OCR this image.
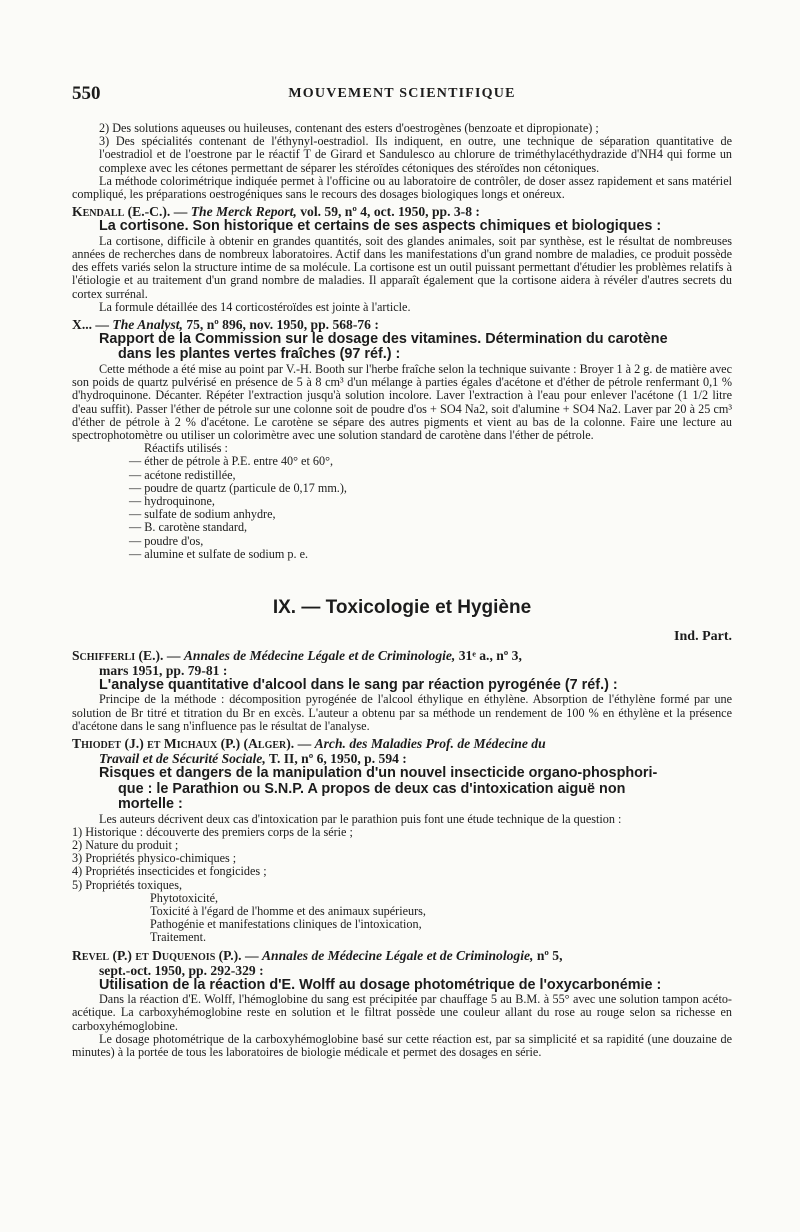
550	MOUVEMENT SCIENTIFIQUE

2) Des solutions aqueuses ou huileuses, contenant des esters d'oestrogènes (benzoate et dipropionate) ;

3) Des spécialités contenant de l'éthynyl-oestradiol. Ils indiquent, en outre, une technique de séparation quantitative de l'oestradiol et de l'oestrone par le réactif T de Girard et Sandulesco au chlorure de triméthylacéthydrazide d'NH4 qui forme un complexe avec les cétones permettant de séparer les stéroïdes cétoniques des stéroïdes non cétoniques.

La méthode colorimétrique indiquée permet à l'officine ou au laboratoire de contrôler, de doser assez rapidement et sans matériel compliqué, les préparations oestrogéniques sans le recours des dosages biologiques longs et onéreux.

Kendall (E.-C.). — The Merck Report, vol. 59, nº 4, oct. 1950, pp. 3-8 :

La cortisone. Son historique et certains de ses aspects chimiques et biologiques :

La cortisone, difficile à obtenir en grandes quantités, soit des glandes animales, soit par synthèse, est le résultat de nombreuses années de recherches dans de nombreux laboratoires. Actif dans les manifestations d'un grand nombre de maladies, ce produit possède des effets variés selon la structure intime de sa molécule. La cortisone est un outil puissant permettant d'étudier les problèmes relatifs à l'étiologie et au traitement d'un grand nombre de maladies. Il apparaît également que la cortisone aidera à révéler d'autres secrets du cortex surrénal.

La formule détaillée des 14 corticostéroïdes est jointe à l'article.

X... — The Analyst, 75, nº 896, nov. 1950, pp. 568-76 :

Rapport de la Commission sur le dosage des vitamines. Détermination du carotène

dans les plantes vertes fraîches (97 réf.) :

Cette méthode a été mise au point par V.-H. Booth sur l'herbe fraîche selon la technique suivante : Broyer 1 à 2 g. de matière avec son poids de quartz pulvérisé en présence de 5 à 8 cm³ d'un mélange à parties égales d'acétone et d'éther de pétrole renfermant 0,1 % d'hydroquinone. Décanter. Répéter l'extraction jusqu'à solution incolore. Laver l'extraction à l'eau pour enlever l'acétone (1 1/2 litre d'eau suffit). Passer l'éther de pétrole sur une colonne soit de poudre d'os + SO4 Na2, soit d'alumine + SO4 Na2. Laver par 20 à 25 cm³ d'éther de pétrole à 2 % d'acétone. Le carotène se sépare des autres pigments et vient au bas de la colonne. Faire une lecture au spectrophotomètre ou utiliser un colorimètre avec une solution standard de carotène dans l'éther de pétrole.

Réactifs utilisés :

— éther de pétrole à P.E. entre 40° et 60°,

— acétone redistillée,

— poudre de quartz (particule de 0,17 mm.),

— hydroquinone,

— sulfate de sodium anhydre,

— B. carotène standard,

— poudre d'os,

— alumine et sulfate de sodium p. e.

IX. — Toxicologie et Hygiène
Ind. Part.

Schifferli (E.). — Annales de Médecine Légale et de Criminologie, 31ᵉ a., nº 3,

mars 1951, pp. 79-81 :

L'analyse quantitative d'alcool dans le sang par réaction pyrogénée (7 réf.) :

Principe de la méthode : décomposition pyrogénée de l'alcool éthylique en éthylène. Absorption de l'éthylène formé par une solution de Br titré et titration du Br en excès. L'auteur a obtenu par sa méthode un rendement de 100 % en éthylène et la présence d'acétone dans le sang n'influence pas le résultat de l'analyse.

Thiodet (J.) et Michaux (P.) (Alger). — Arch. des Maladies Prof. de Médecine du

Travail et de Sécurité Sociale, T. II, nº 6, 1950, p. 594 :

Risques et dangers de la manipulation d'un nouvel insecticide organo-phosphori-

que : le Parathion ou S.N.P. A propos de deux cas d'intoxication aiguë non

mortelle :

Les auteurs décrivent deux cas d'intoxication par le parathion puis font une étude technique de la question :

1) Historique : découverte des premiers corps de la série ;

2) Nature du produit ;

3) Propriétés physico-chimiques ;

4) Propriétés insecticides et fongicides ;

5) Propriétés toxiques,

Phytotoxicité,

Toxicité à l'égard de l'homme et des animaux supérieurs,

Pathogénie et manifestations cliniques de l'intoxication,

Traitement.

Revel (P.) et Duquenois (P.). — Annales de Médecine Légale et de Criminologie, nº 5,

sept.-oct. 1950, pp. 292-329 :

Utilisation de la réaction d'E. Wolff au dosage photométrique de l'oxycarbonémie :

Dans la réaction d'E. Wolff, l'hémoglobine du sang est précipitée par chauffage 5 au B.M. à 55° avec une solution tampon acéto-acétique. La carboxyhémoglobine reste en solution et le filtrat possède une couleur allant du rose au rouge selon sa richesse en carboxyhémoglobine.

Le dosage photométrique de la carboxyhémoglobine basé sur cette réaction est, par sa simplicité et sa rapidité (une douzaine de minutes) à la portée de tous les laboratoires de biologie médicale et permet des dosages en série.
